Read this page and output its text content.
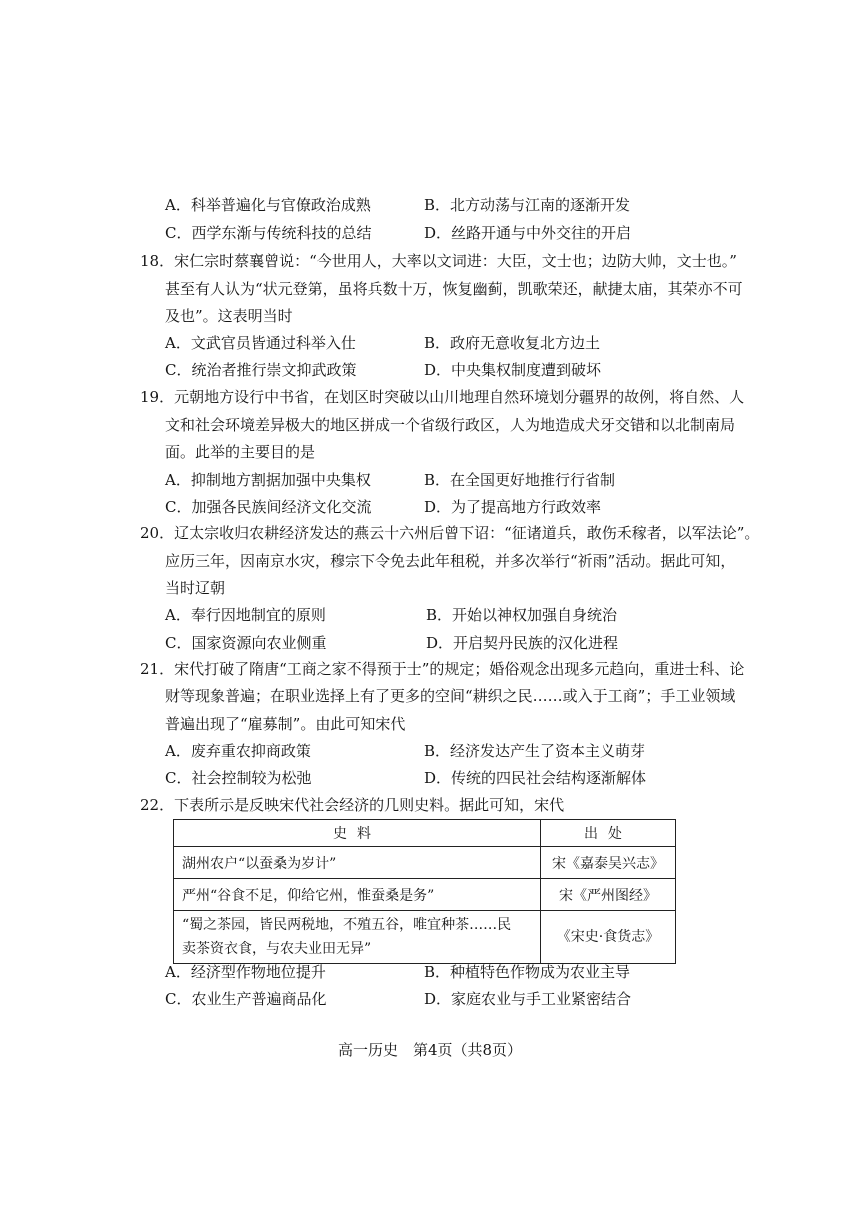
A．科举普遍化与官僚政治成熟	B．北方动荡与江南的逐渐开发
C．西学东渐与传统科技的总结	D．丝路开通与中外交往的开启
18．宋仁宗时蔡襄曾说：“今世用人，大率以文词进：大臣，文士也；边防大帅，文士也。”
甚至有人认为“状元登第，虽将兵数十万，恢复幽蓟，凯歌荣还，献捷太庙，其荣亦不可
及也”。这表明当时
A．文武官员皆通过科举入仕	B．政府无意收复北方边土
C．统治者推行崇文抑武政策	D．中央集权制度遭到破坏
19．元朝地方设行中书省，在划区时突破以山川地理自然环境划分疆界的故例，将自然、人
文和社会环境差异极大的地区拼成一个省级行政区，人为地造成犬牙交错和以北制南局
面。此举的主要目的是
A．抑制地方割据加强中央集权	B．在全国更好地推行行省制
C．加强各民族间经济文化交流	D．为了提高地方行政效率
20．辽太宗收归农耕经济发达的燕云十六州后曾下诏：“征诸道兵，敢伤禾稼者，以军法论”。
应历三年，因南京水灾，穆宗下令免去此年租税，并多次举行“祈雨”活动。据此可知，
当时辽朝
A．奉行因地制宜的原则	B．开始以神权加强自身统治
C．国家资源向农业侧重	D．开启契丹民族的汉化进程
21．宋代打破了隋唐“工商之家不得预于士”的规定；婚俗观念出现多元趋向，重进士科、论
财等现象普遍；在职业选择上有了更多的空间“耕织之民……或入于工商”；手工业领域
普遍出现了“雇募制”。由此可知宋代
A．废弃重农抑商政策	B．经济发达产生了资本主义萌芽
C．社会控制较为松弛	D．传统的四民社会结构逐渐解体
22．下表所示是反映宋代社会经济的几则史料。据此可知，宋代
史料	出处
湖州农户“以蚕桑为岁计”	宋《嘉泰吴兴志》
严州“谷食不足，仰给它州，惟蚕桑是务”	宋《严州图经》

“蜀之茶园，皆民两税地，不殖五谷，唯宜种茶……民
卖茶资衣食，与农夫业田无异”	《宋史·食货志》
A．经济型作物地位提升	B．种植特色作物成为农业主导
C．农业生产普遍商品化	D．家庭农业与手工业紧密结合
高一历史　第4页（共8页）
